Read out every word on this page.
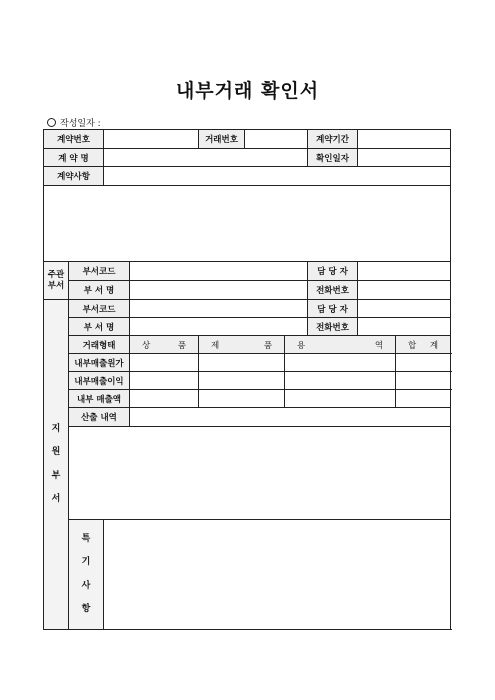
내부거래 확인서
작성일자 :
계약번호				거래번호			계약기간		
계 약 명							확인일자		
계약사항									

주관
부서	부서코드						담 당 자		
	부 서 명						전화번호		

지
원
부
서	부서코드						담 당 자		
	부 서 명						전화번호		
	거래형태		상 품	제 품		용 역			합 계

	내부매출원가								
	내부매출이익								
	내부 매출액								
	산출 내역								

	특
기
사
항								
